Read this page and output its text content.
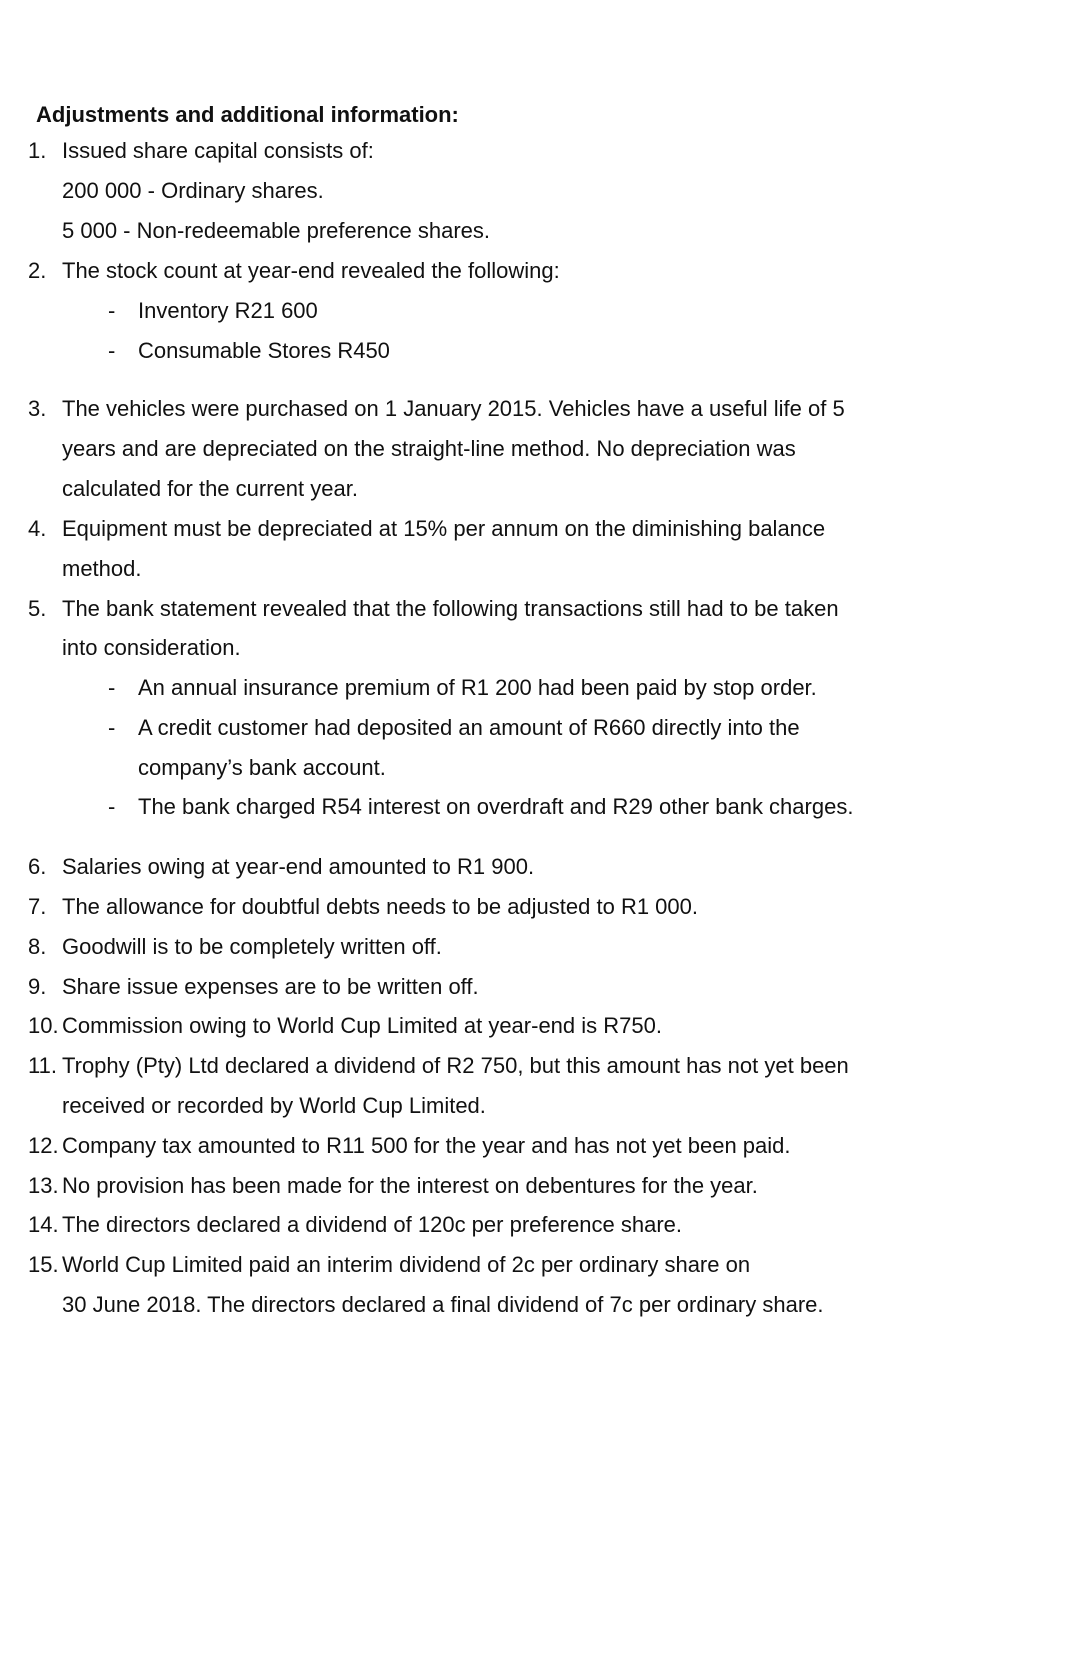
Adjustments and additional information:
1. Issued share capital consists of:
200 000 - Ordinary shares.
5 000 - Non-redeemable preference shares.
2. The stock count at year-end revealed the following:
- Inventory R21 600
- Consumable Stores R450
3. The vehicles were purchased on 1 January 2015. Vehicles have a useful life of 5
years and are depreciated on the straight-line method. No depreciation was
calculated for the current year.
4. Equipment must be depreciated at 15% per annum on the diminishing balance
method.
5. The bank statement revealed that the following transactions still had to be taken
into consideration.
- An annual insurance premium of R1 200 had been paid by stop order.
- A credit customer had deposited an amount of R660 directly into the
company’s bank account.
- The bank charged R54 interest on overdraft and R29 other bank charges.
6. Salaries owing at year-end amounted to R1 900.
7. The allowance for doubtful debts needs to be adjusted to R1 000.
8. Goodwill is to be completely written off.
9. Share issue expenses are to be written off.
10. Commission owing to World Cup Limited at year-end is R750.
11. Trophy (Pty) Ltd declared a dividend of R2 750, but this amount has not yet been
received or recorded by World Cup Limited.
12. Company tax amounted to R11 500 for the year and has not yet been paid.
13. No provision has been made for the interest on debentures for the year.
14. The directors declared a dividend of 120c per preference share.
15. World Cup Limited paid an interim dividend of 2c per ordinary share on
30 June 2018. The directors declared a final dividend of 7c per ordinary share.
